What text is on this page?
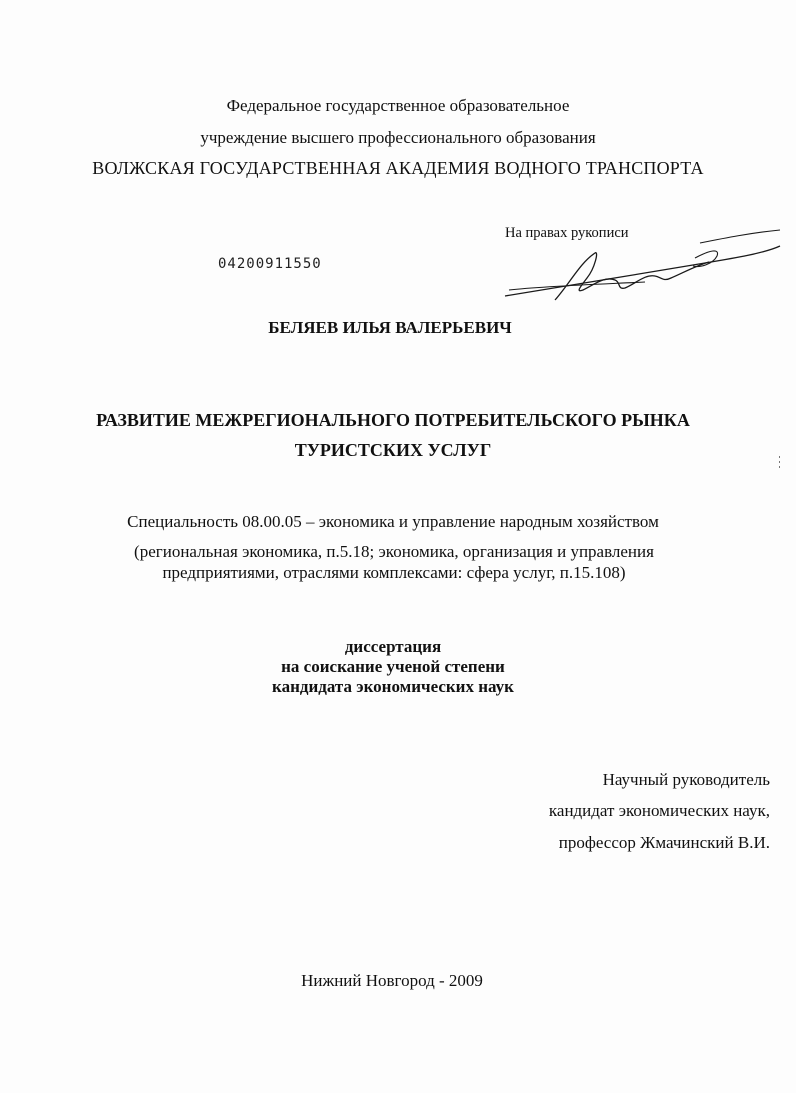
Федеральное государственное образовательное
учреждение высшего профессионального образования
ВОЛЖСКАЯ ГОСУДАРСТВЕННАЯ АКАДЕМИЯ ВОДНОГО ТРАНСПОРТА
На правах рукописи
04200911550
БЕЛЯЕВ ИЛЬЯ ВАЛЕРЬЕВИЧ
РАЗВИТИЕ МЕЖРЕГИОНАЛЬНОГО ПОТРЕБИТЕЛЬСКОГО РЫНКА
ТУРИСТСКИХ УСЛУГ
Специальность 08.00.05 – экономика и управление народным хозяйством
(региональная экономика, п.5.18; экономика, организация и управления
предприятиями, отраслями комплексами: сфера услуг, п.15.108)
диссертация
на соискание ученой степени
кандидата экономических наук
Научный руководитель
кандидат экономических наук,
профессор Жмачинский В.И.
Нижний Новгород - 2009
